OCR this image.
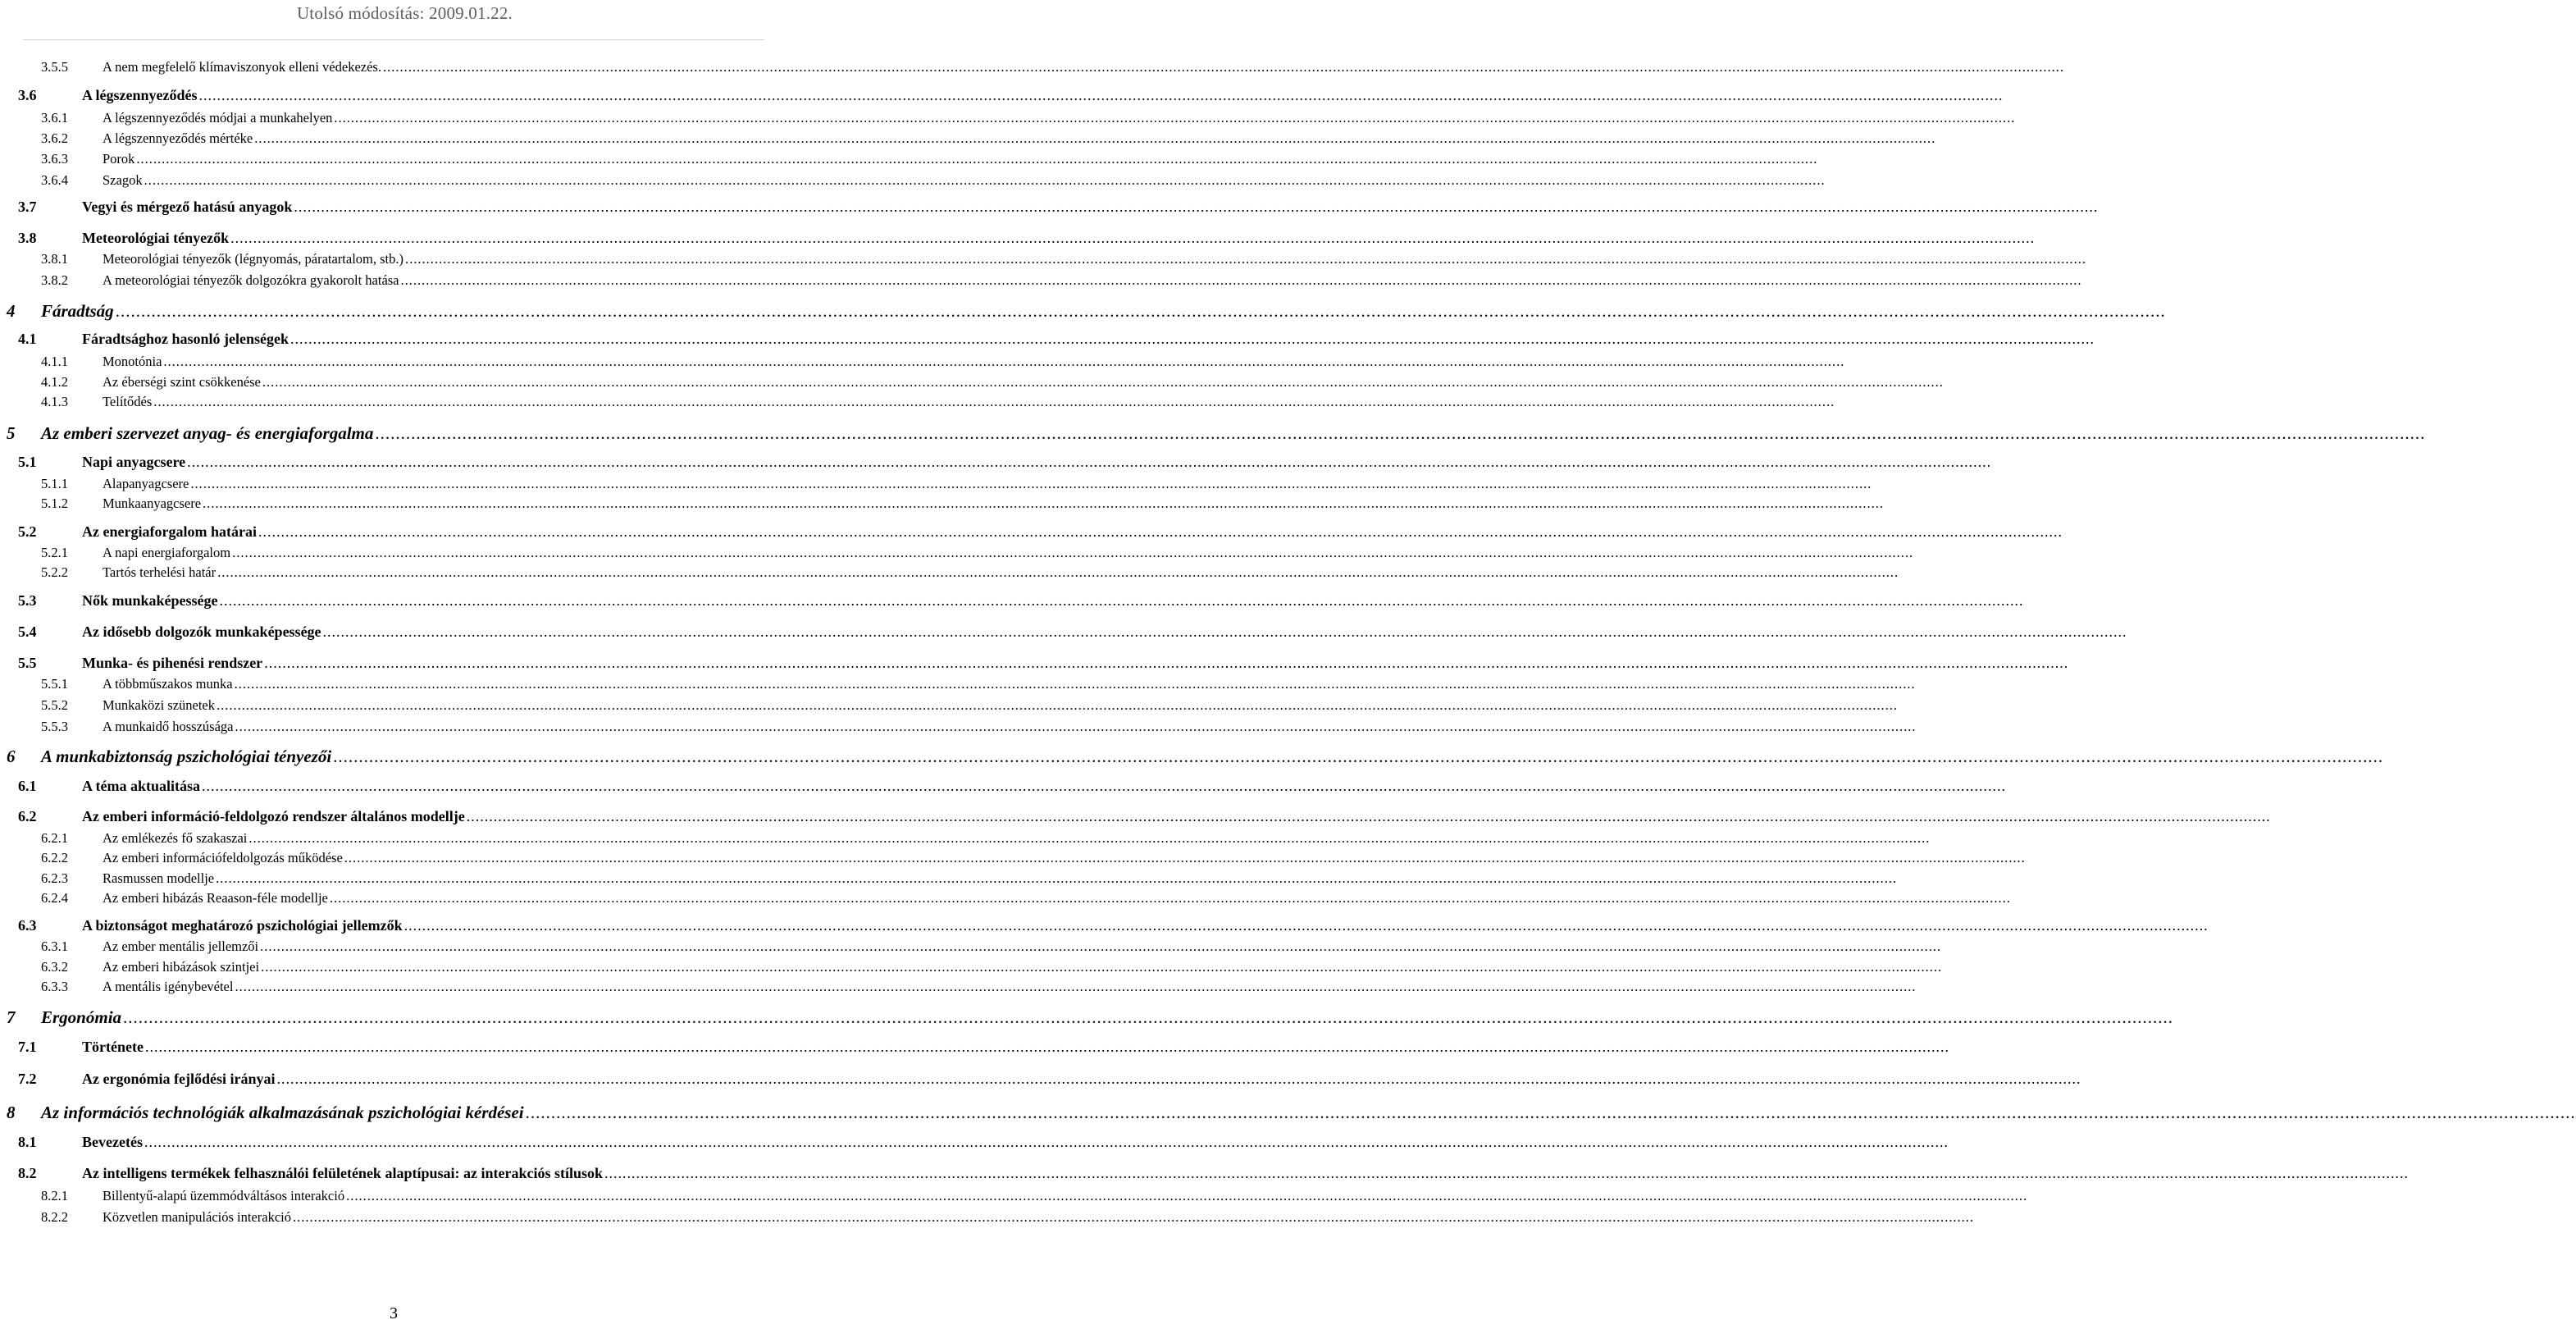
Utolsó módosítás: 2009.01.22.
3.5.5	A nem megfelelő klímaviszonyok elleni védekezés. ................................................................................................................................................................................................................................................................................................................................................................................................................
3.6	A légszennyeződés ................................................................................................................................................................................................................................................................................................................................................................................................................
3.6.1	A légszennyeződés módjai a munkahelyen ................................................................................................................................................................................................................................................................................................................................................................................................................
3.6.2	A légszennyeződés mértéke ................................................................................................................................................................................................................................................................................................................................................................................................................
3.6.3	Porok ................................................................................................................................................................................................................................................................................................................................................................................................................
3.6.4	Szagok ................................................................................................................................................................................................................................................................................................................................................................................................................
3.7	Vegyi és mérgező hatású anyagok ................................................................................................................................................................................................................................................................................................................................................................................................................
3.8	Meteorológiai tényezők ................................................................................................................................................................................................................................................................................................................................................................................................................
3.8.1	Meteorológiai tényezők (légnyomás, páratartalom, stb.) ................................................................................................................................................................................................................................................................................................................................................................................................................
3.8.2	A meteorológiai tényezők dolgozókra gyakorolt hatása ................................................................................................................................................................................................................................................................................................................................................................................................................
4 Fáradtság ................................................................................................................................................................................................................................................................................................................................................................................................................
4.1	Fáradtsághoz hasonló jelenségek ................................................................................................................................................................................................................................................................................................................................................................................................................
4.1.1	Monotónia ................................................................................................................................................................................................................................................................................................................................................................................................................
4.1.2	Az éberségi szint csökkenése ................................................................................................................................................................................................................................................................................................................................................................................................................
4.1.3	Telítődés ................................................................................................................................................................................................................................................................................................................................................................................................................
5 Az emberi szervezet anyag- és energiaforgalma ................................................................................................................................................................................................................................................................................................................................................................................................................
5.1	Napi anyagcsere ................................................................................................................................................................................................................................................................................................................................................................................................................
5.1.1	Alapanyagcsere ................................................................................................................................................................................................................................................................................................................................................................................................................
5.1.2	Munkaanyagcsere ................................................................................................................................................................................................................................................................................................................................................................................................................
5.2	Az energiaforgalom határai ................................................................................................................................................................................................................................................................................................................................................................................................................
5.2.1	A napi energiaforgalom ................................................................................................................................................................................................................................................................................................................................................................................................................
5.2.2	Tartós terhelési határ ................................................................................................................................................................................................................................................................................................................................................................................................................
5.3	Nők munkaképessége ................................................................................................................................................................................................................................................................................................................................................................................................................
5.4	Az idősebb dolgozók munkaképessége ................................................................................................................................................................................................................................................................................................................................................................................................................
5.5	Munka- és pihenési rendszer ................................................................................................................................................................................................................................................................................................................................................................................................................
5.5.1	A többműszakos munka ................................................................................................................................................................................................................................................................................................................................................................................................................
5.5.2	Munkaközi szünetek ................................................................................................................................................................................................................................................................................................................................................................................................................
5.5.3	A munkaidő hosszúsága ................................................................................................................................................................................................................................................................................................................................................................................................................
6 A munkabiztonság pszichológiai tényezői ................................................................................................................................................................................................................................................................................................................................................................................................................
6.1	A téma aktualitása ................................................................................................................................................................................................................................................................................................................................................................................................................
6.2	Az emberi információ-feldolgozó rendszer általános modellje ................................................................................................................................................................................................................................................................................................................................................................................................................
6.2.1	Az emlékezés fő szakaszai ................................................................................................................................................................................................................................................................................................................................................................................................................
6.2.2	Az emberi információfeldolgozás működése ................................................................................................................................................................................................................................................................................................................................................................................................................
6.2.3	Rasmussen modellje ................................................................................................................................................................................................................................................................................................................................................................................................................
6.2.4	Az emberi hibázás Reaason-féle modellje ................................................................................................................................................................................................................................................................................................................................................................................................................
6.3	A biztonságot meghatározó pszichológiai jellemzők ................................................................................................................................................................................................................................................................................................................................................................................................................
6.3.1	Az ember mentális jellemzői ................................................................................................................................................................................................................................................................................................................................................................................................................
6.3.2	Az emberi hibázások szintjei ................................................................................................................................................................................................................................................................................................................................................................................................................
6.3.3	A mentális igénybevétel ................................................................................................................................................................................................................................................................................................................................................................................................................
7 Ergonómia ................................................................................................................................................................................................................................................................................................................................................................................................................
7.1	Története ................................................................................................................................................................................................................................................................................................................................................................................................................
7.2	Az ergonómia fejlődési irányai ................................................................................................................................................................................................................................................................................................................................................................................................................
8 Az információs technológiák alkalmazásának pszichológiai kérdései ................................................................................................................................................................................................................................................................................................................................................................................................................
8.1	Bevezetés ................................................................................................................................................................................................................................................................................................................................................................................................................
8.2	Az intelligens termékek felhasználói felületének alaptípusai: az interakciós stílusok ................................................................................................................................................................................................................................................................................................................................................................................................................
8.2.1	Billentyű-alapú üzemmódváltásos interakció ................................................................................................................................................................................................................................................................................................................................................................................................................
8.2.2	Közvetlen manipulációs interakció ................................................................................................................................................................................................................................................................................................................................................................................................................
3
